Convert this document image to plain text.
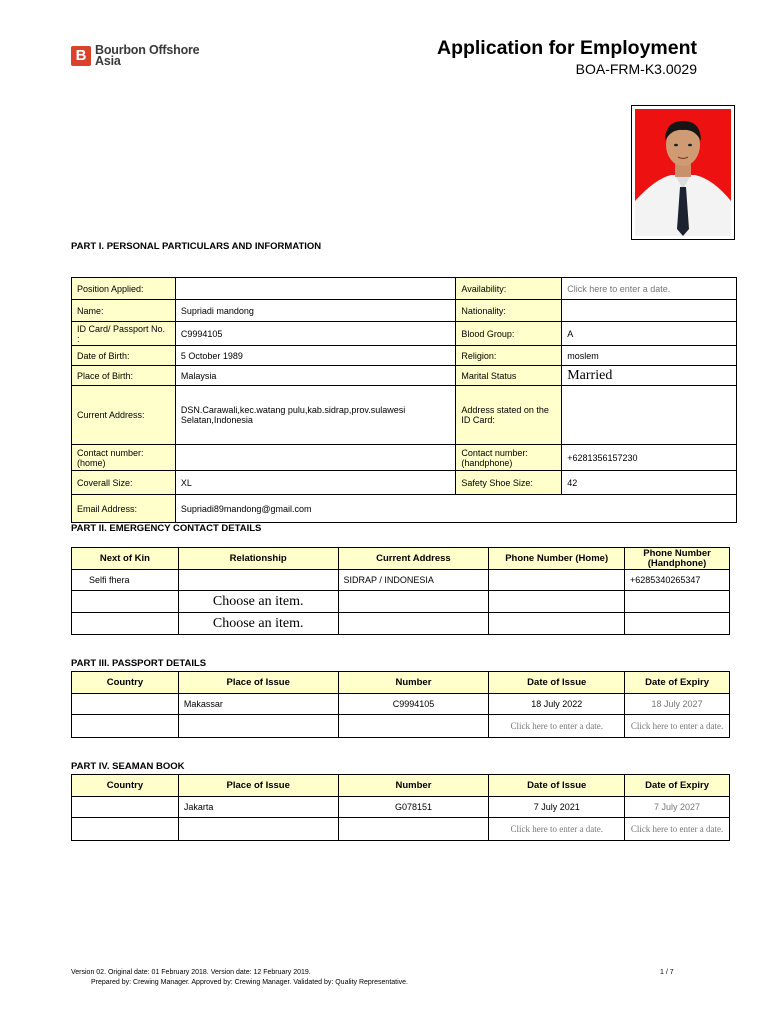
B Bourbon Offshore
Asia
Application for Employment
BOA-FRM-K3.0029
PART I. PERSONAL PARTICULARS AND INFORMATION
Position Applied:		Availability:	Click here to enter a date.
Name:	Supriadi mandong	Nationality:	
ID Card/ Passport No. :	C9994105	Blood Group:	A
Date of Birth:	5 October 1989	Religion:	moslem
Place of Birth:	Malaysia	Marital Status	Married
Current Address:	DSN.Carawali,kec.watang pulu,kab.sidrap,prov.sulawesi Selatan,Indonesia	Address stated on the ID Card:	
Contact number: (home)		Contact number: (handphone)	+6281356157230
Coverall Size:	XL	Safety Shoe Size:	42
Email Address:	Supriadi89mandong@gmail.com		
PART II. EMERGENCY CONTACT DETAILS
Next of Kin	Relationship	Current Address	Phone Number (Home)	Phone Number (Handphone)
Selfi fhera		SIDRAP / INDONESIA		+6285340265347
	Choose an item.			
	Choose an item.			
PART III. PASSPORT DETAILS
Country	Place of Issue	Number	Date of Issue	Date of Expiry
	Makassar	C9994105	18 July 2022	18 July 2027
			Click here to enter a date.	Click here to enter a date.
PART IV. SEAMAN BOOK
Country	Place of Issue	Number	Date of Issue	Date of Expiry
	Jakarta	G078151	7 July 2021	7 July 2027
			Click here to enter a date.	Click here to enter a date.
Version 02. Original date: 01 February 2018. Version date: 12 February 2019.
Prepared by: Crewing Manager. Approved by: Crewing Manager. Validated by: Quality Representative.
1 / 7
